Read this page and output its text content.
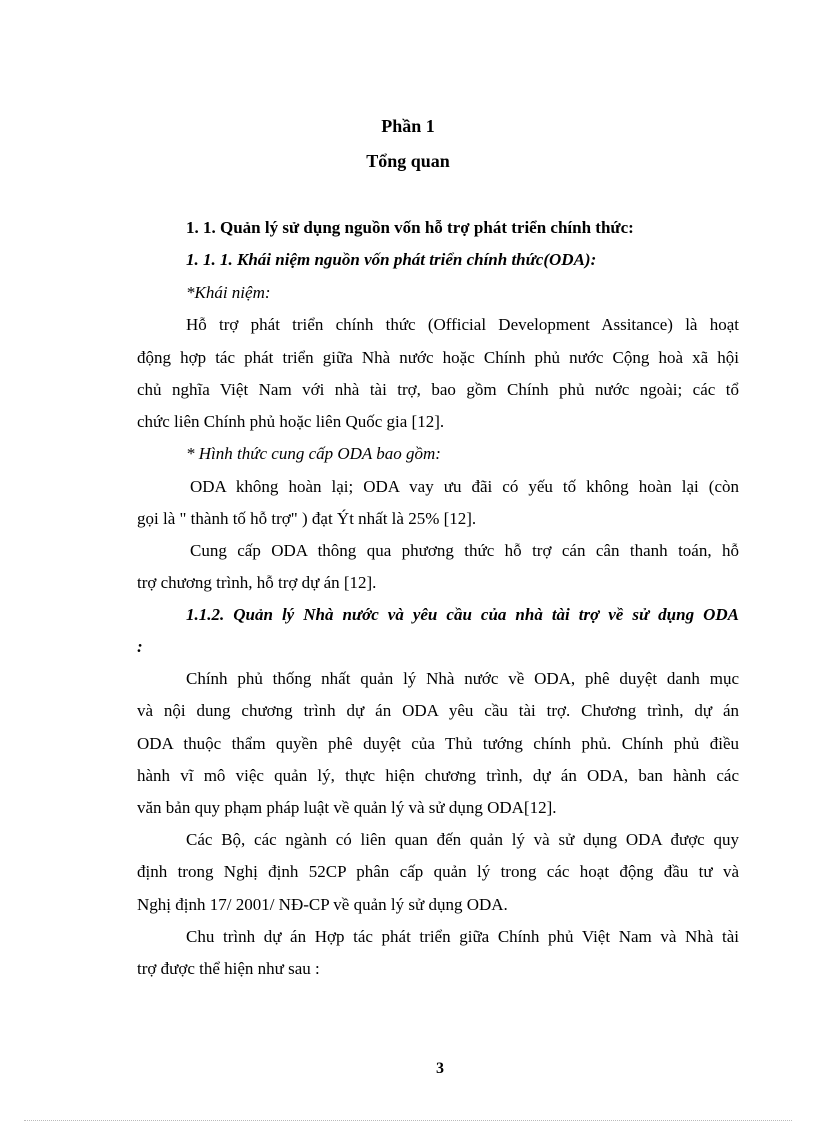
Phần 1
Tổng quan
1. 1. Quản lý sử dụng nguồn vốn hỗ trợ phát triển chính thức:
1. 1. 1. Khái niệm nguồn vốn phát triển chính thức(ODA):
*Khái niệm:
Hỗ trợ phát triển chính thức (Official Development Assitance) là hoạt
động hợp tác phát triển giữa Nhà nước hoặc Chính phủ nước Cộng hoà xã hội
chủ nghĩa Việt Nam với nhà tài trợ, bao gồm Chính phủ nước ngoài; các tổ
chức liên Chính phủ hoặc liên Quốc gia [12].
* Hình thức cung cấp ODA bao gồm:
ODA không hoàn lại; ODA vay ưu đãi có yếu tố không hoàn lại (còn
gọi là " thành tố hỗ trợ" ) đạt Ýt nhất là 25% [12].
Cung cấp ODA thông qua phương thức hỗ trợ cán cân thanh toán, hỗ
trợ chương trình, hỗ trợ dự án [12].
1.1.2. Quản lý Nhà nước và yêu cầu của nhà tài trợ về sử dụng ODA
:
Chính phủ thống nhất quản lý Nhà nước về ODA, phê duyệt danh mục
và nội dung chương trình dự án ODA yêu cầu tài trợ. Chương trình, dự án
ODA thuộc thẩm quyền phê duyệt của Thủ tướng chính phủ. Chính phủ điều
hành vĩ mô việc quản lý, thực hiện chương trình, dự án ODA, ban hành các
văn bản quy phạm pháp luật về quản lý và sử dụng ODA[12].
Các Bộ, các ngành có liên quan đến quản lý và sử dụng ODA được quy
định trong Nghị định 52CP phân cấp quản lý trong các hoạt động đầu tư và
Nghị định 17/ 2001/ NĐ-CP về quản lý sử dụng ODA.
Chu trình dự án Hợp tác phát triển giữa Chính phủ Việt Nam và Nhà tài
trợ được thể hiện như sau :
3
